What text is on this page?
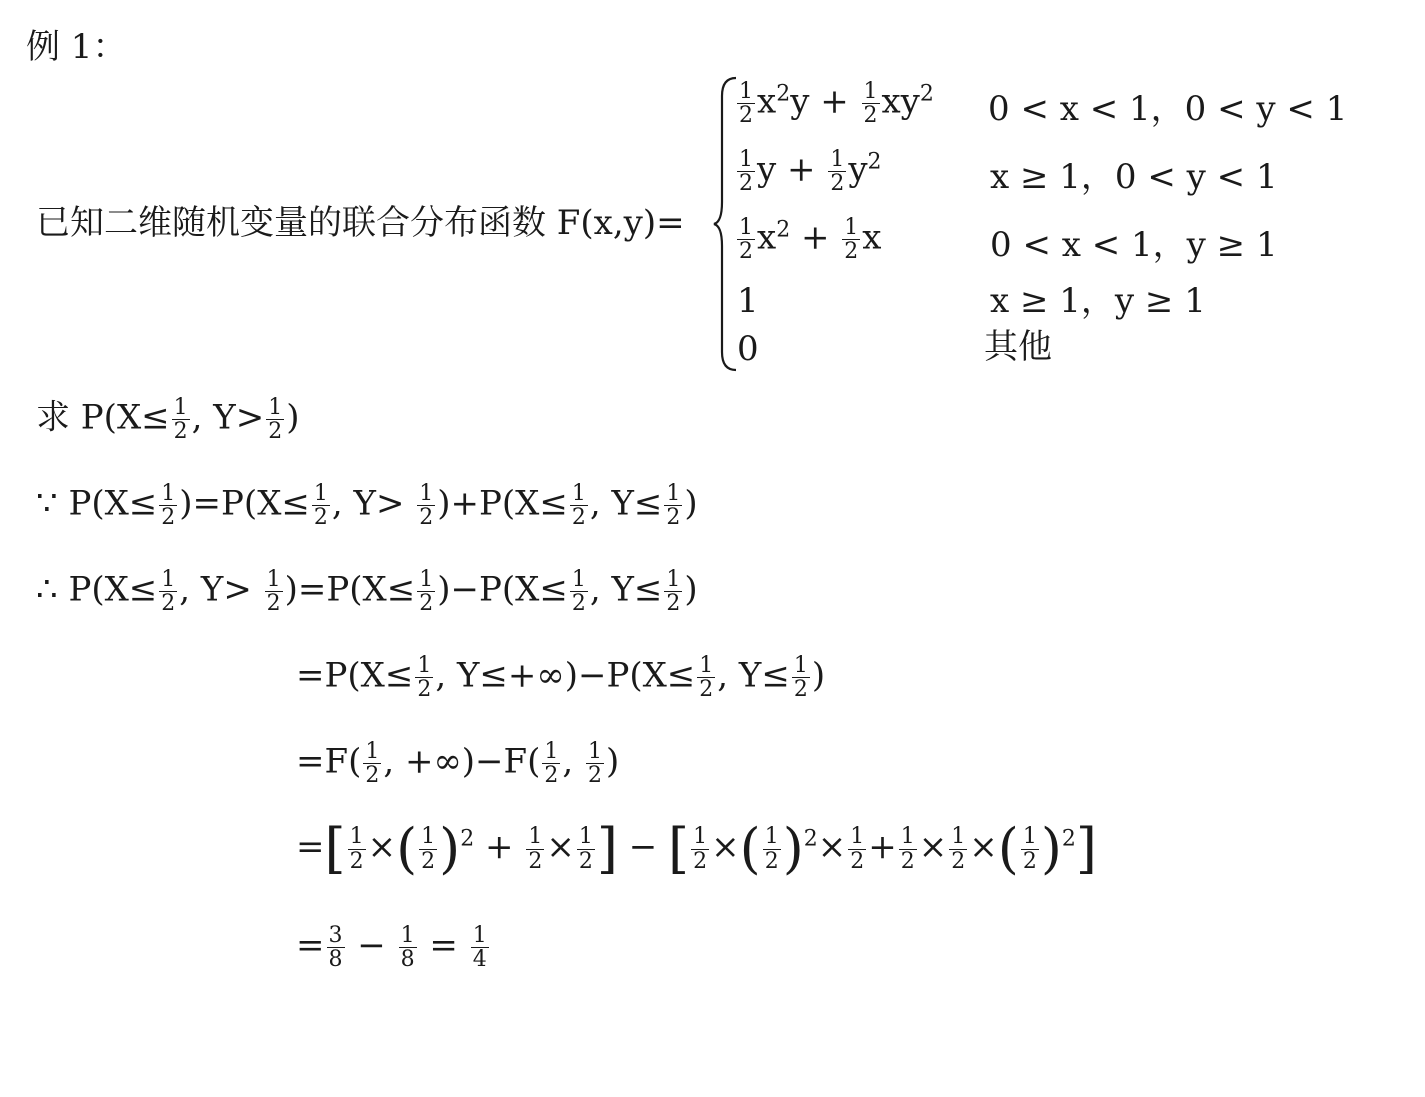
例 1：
已知二维随机变量的联合分布函数 F(x,y)=
$\frac{1}{2} x^2y + \frac{1}{2} xy^2$
$\frac{1}{2}$ $y + \frac{1}{2} y^2$
$\frac{1}{2} x^2 + \frac{1}{2}$ x
1
0
0 < x < 1，0 < y < 1
x ≥ 1，0 < y < 1
0 < x < 1，y ≥ 1
x ≥ 1，y ≥ 1
其他
求 $P(X\le \frac{1}{2}$ , $Y> \frac{1}{2}$ )
∵ $P(X\le \frac{1}{2} )=P(X\le \frac{1}{2}$ , $Y> \frac{1}{2} )+P(X\le \frac{1}{2}$ , $Y\le \frac{1}{2}$ )
∴ $P(X\le \frac{1}{2}$ , $Y> \frac{1}{2} )=P(X\le \frac{1}{2} )-P(X\le \frac{1}{2}$ , $Y\le \frac{1}{2}$ )
$=P(X\le \frac{1}{2}$ , $Y\le+\infty)-P(X\le \frac{1}{2}$ , $Y\le \frac{1}{2}$ )
$=F( \frac{1}{2}$ , $+\infty)-F( \frac{1}{2}$ , $\frac{1}{2}$ )
=[ $\frac{1}{2}$ ×( $\frac{1}{2} )^2 + \frac{1}{2} \times \frac{1}{2}$ ] − [ $\frac{1}{2}$ ×( $\frac{1}{2} )^2\times \frac{1}{2} + \frac{1}{2} \times \frac{1}{2}$ ×( $\frac{1}{2} )^2$]
= $\frac{3}{8} - \frac{1}{8} = \frac{1}{4}$
